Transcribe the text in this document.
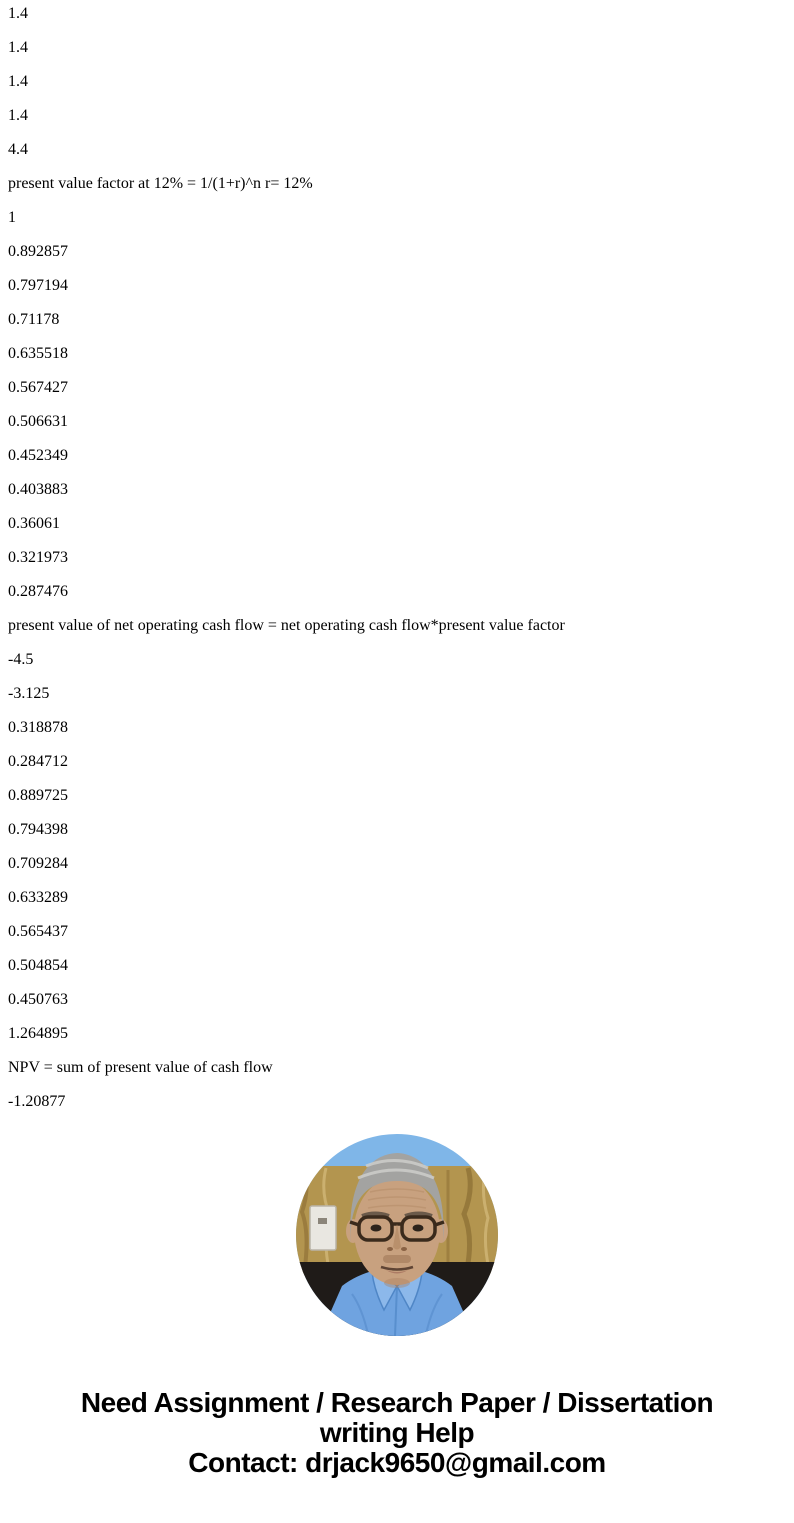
1.4

1.4

1.4

1.4

4.4

present value factor at 12% = 1/(1+r)^n r= 12%

1

0.892857

0.797194

0.71178

0.635518

0.567427

0.506631

0.452349

0.403883

0.36061

0.321973

0.287476

present value of net operating cash flow = net operating cash flow*present value factor

-4.5

-3.125

0.318878

0.284712

0.889725

0.794398

0.709284

0.633289

0.565437

0.504854

0.450763

1.264895

NPV = sum of present value of cash flow

-1.20877

Need Assignment / Research Paper / Dissertation
writing Help
Contact: drjack9650@gmail.com
